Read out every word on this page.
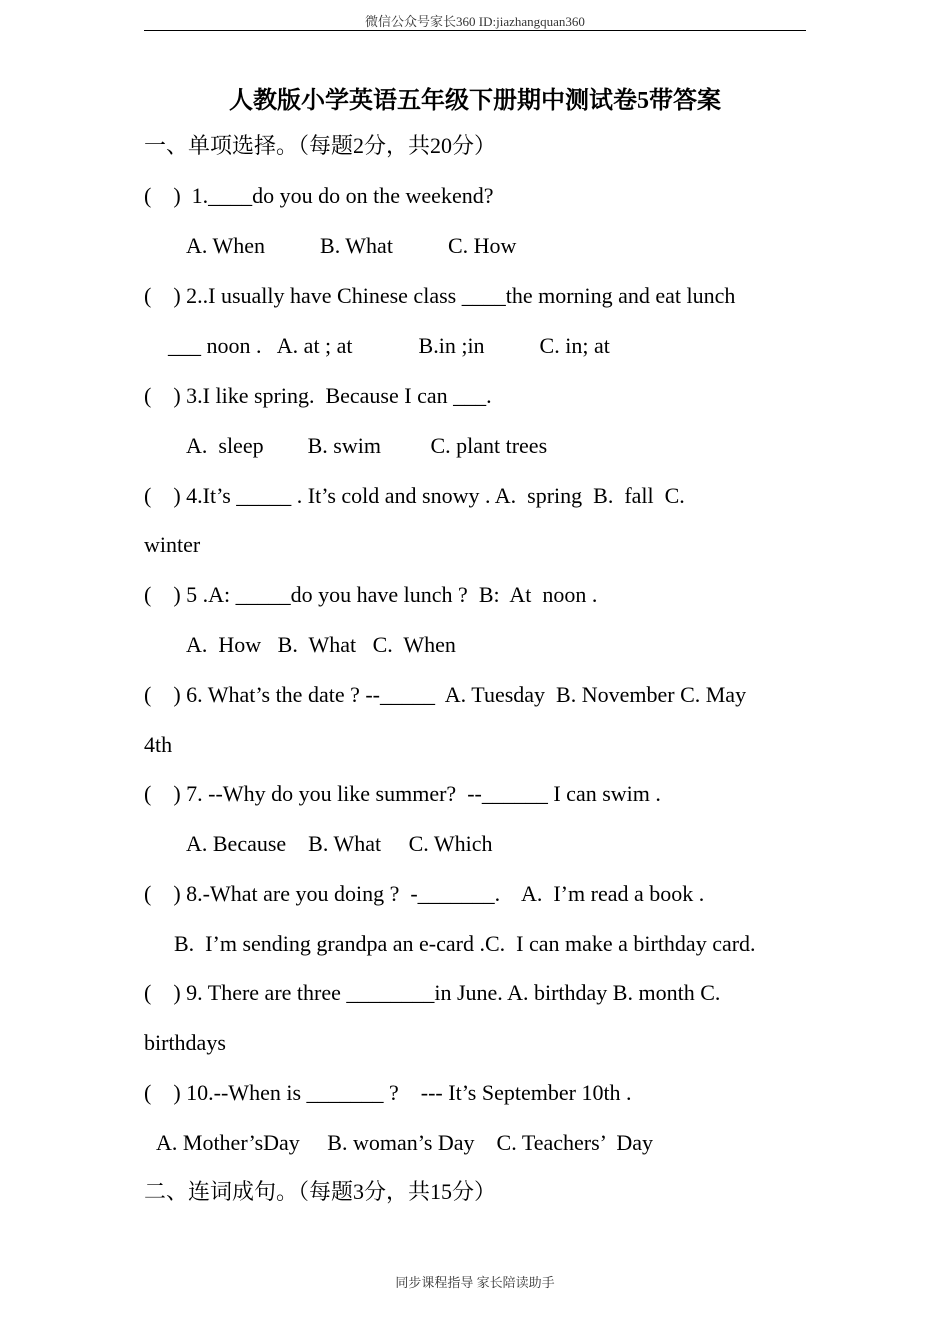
微信公众号家长360 ID:jiazhangquan360
人教版小学英语五年级下册期中测试卷5带答案
一、单项选择。（每题2分，共20分）
(    )  1.____do you do on the weekend?
A. When          B. What          C. How
(    ) 2..I usually have Chinese class ____the morning and eat lunch
___ noon .   A. at ; at            B.in ;in          C. in; at
(    ) 3.I like spring.  Because I can ___.
A.  sleep        B. swim         C. plant trees
(    ) 4.It’s _____ . It’s cold and snowy . A.  spring  B.  fall  C.
winter
(    ) 5 .A: _____do you have lunch ?  B:  At  noon .
A.  How   B.  What   C.  When
(    ) 6. What’s the date ? --_____  A. Tuesday  B. November C. May
4th
(    ) 7. --Why do you like summer?  --______ I can swim .
A. Because    B. What     C. Which
(    ) 8.-What are you doing ?  -_______.    A.  I’m read a book .
B.  I’m sending grandpa an e-card .C.  I can make a birthday card.
(    ) 9. There are three ________in June. A. birthday B. month C.
birthdays
(    ) 10.--When is _______ ?    --- It’s September 10th .
A. Mother’sDay     B. woman’s Day    C. Teachers’  Day
二、连词成句。（每题3分，共15分）
同步课程指导 家长陪读助手
